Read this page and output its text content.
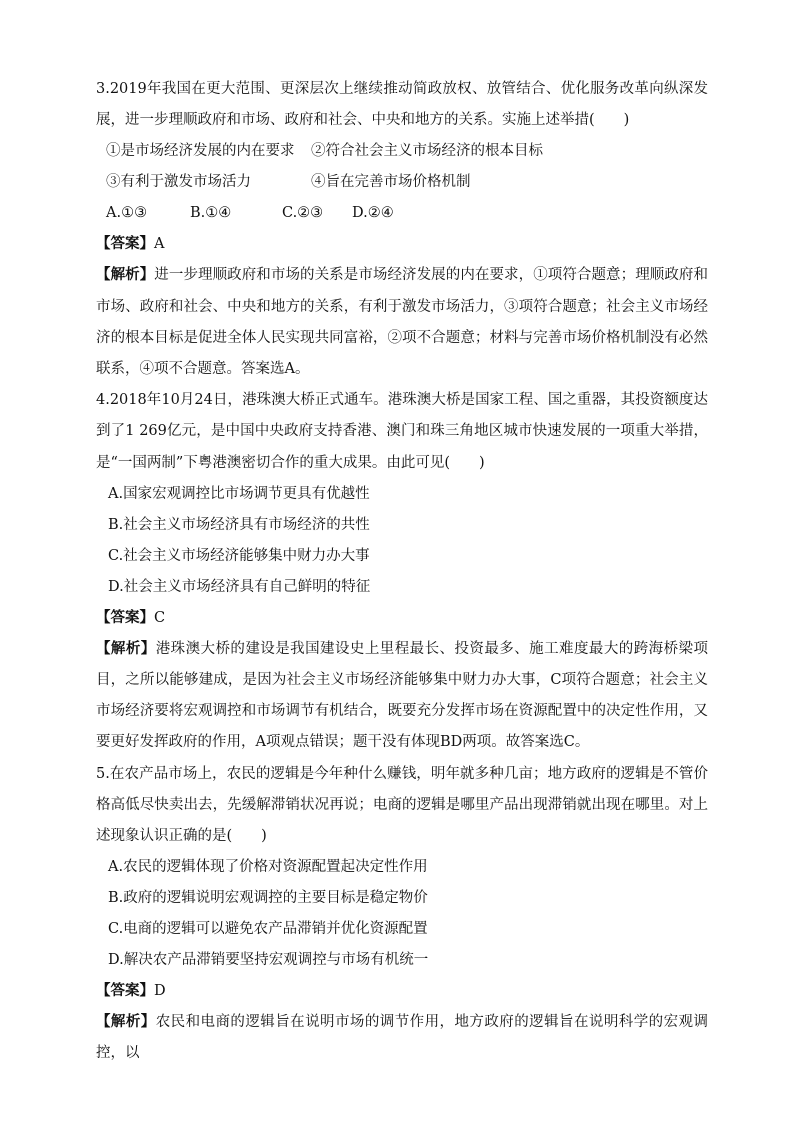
3.2019年我国在更大范围、更深层次上继续推动简政放权、放管结合、优化服务改革向纵深发展，进一步理顺政府和市场、政府和社会、中央和地方的关系。实施上述举措(　　)
①是市场经济发展的内在要求 ②符合社会主义市场经济的根本目标
③有利于激发市场活力	④旨在完善市场价格机制
A.①③	B.①④	C.②③ D.②④
【答案】A
【解析】进一步理顺政府和市场的关系是市场经济发展的内在要求，①项符合题意；理顺政府和市场、政府和社会、中央和地方的关系，有利于激发市场活力，③项符合题意；社会主义市场经济的根本目标是促进全体人民实现共同富裕，②项不合题意；材料与完善市场价格机制没有必然联系，④项不合题意。答案选A。
4.2018年10月24日，港珠澳大桥正式通车。港珠澳大桥是国家工程、国之重器，其投资额度达到了1 269亿元，是中国中央政府支持香港、澳门和珠三角地区城市快速发展的一项重大举措，是“一国两制”下粤港澳密切合作的重大成果。由此可见(　　)
A.国家宏观调控比市场调节更具有优越性
B.社会主义市场经济具有市场经济的共性
C.社会主义市场经济能够集中财力办大事
D.社会主义市场经济具有自己鲜明的特征
【答案】C
【解析】港珠澳大桥的建设是我国建设史上里程最长、投资最多、施工难度最大的跨海桥梁项目，之所以能够建成，是因为社会主义市场经济能够集中财力办大事，C项符合题意；社会主义市场经济要将宏观调控和市场调节有机结合，既要充分发挥市场在资源配置中的决定性作用，又要更好发挥政府的作用，A项观点错误；题干没有体现BD两项。故答案选C。
5.在农产品市场上，农民的逻辑是今年种什么赚钱，明年就多种几亩；地方政府的逻辑是不管价格高低尽快卖出去，先缓解滞销状况再说；电商的逻辑是哪里产品出现滞销就出现在哪里。对上述现象认识正确的是(　　)
A.农民的逻辑体现了价格对资源配置起决定性作用
B.政府的逻辑说明宏观调控的主要目标是稳定物价
C.电商的逻辑可以避免农产品滞销并优化资源配置
D.解决农产品滞销要坚持宏观调控与市场有机统一
【答案】D
【解析】农民和电商的逻辑旨在说明市场的调节作用，地方政府的逻辑旨在说明科学的宏观调控，以
